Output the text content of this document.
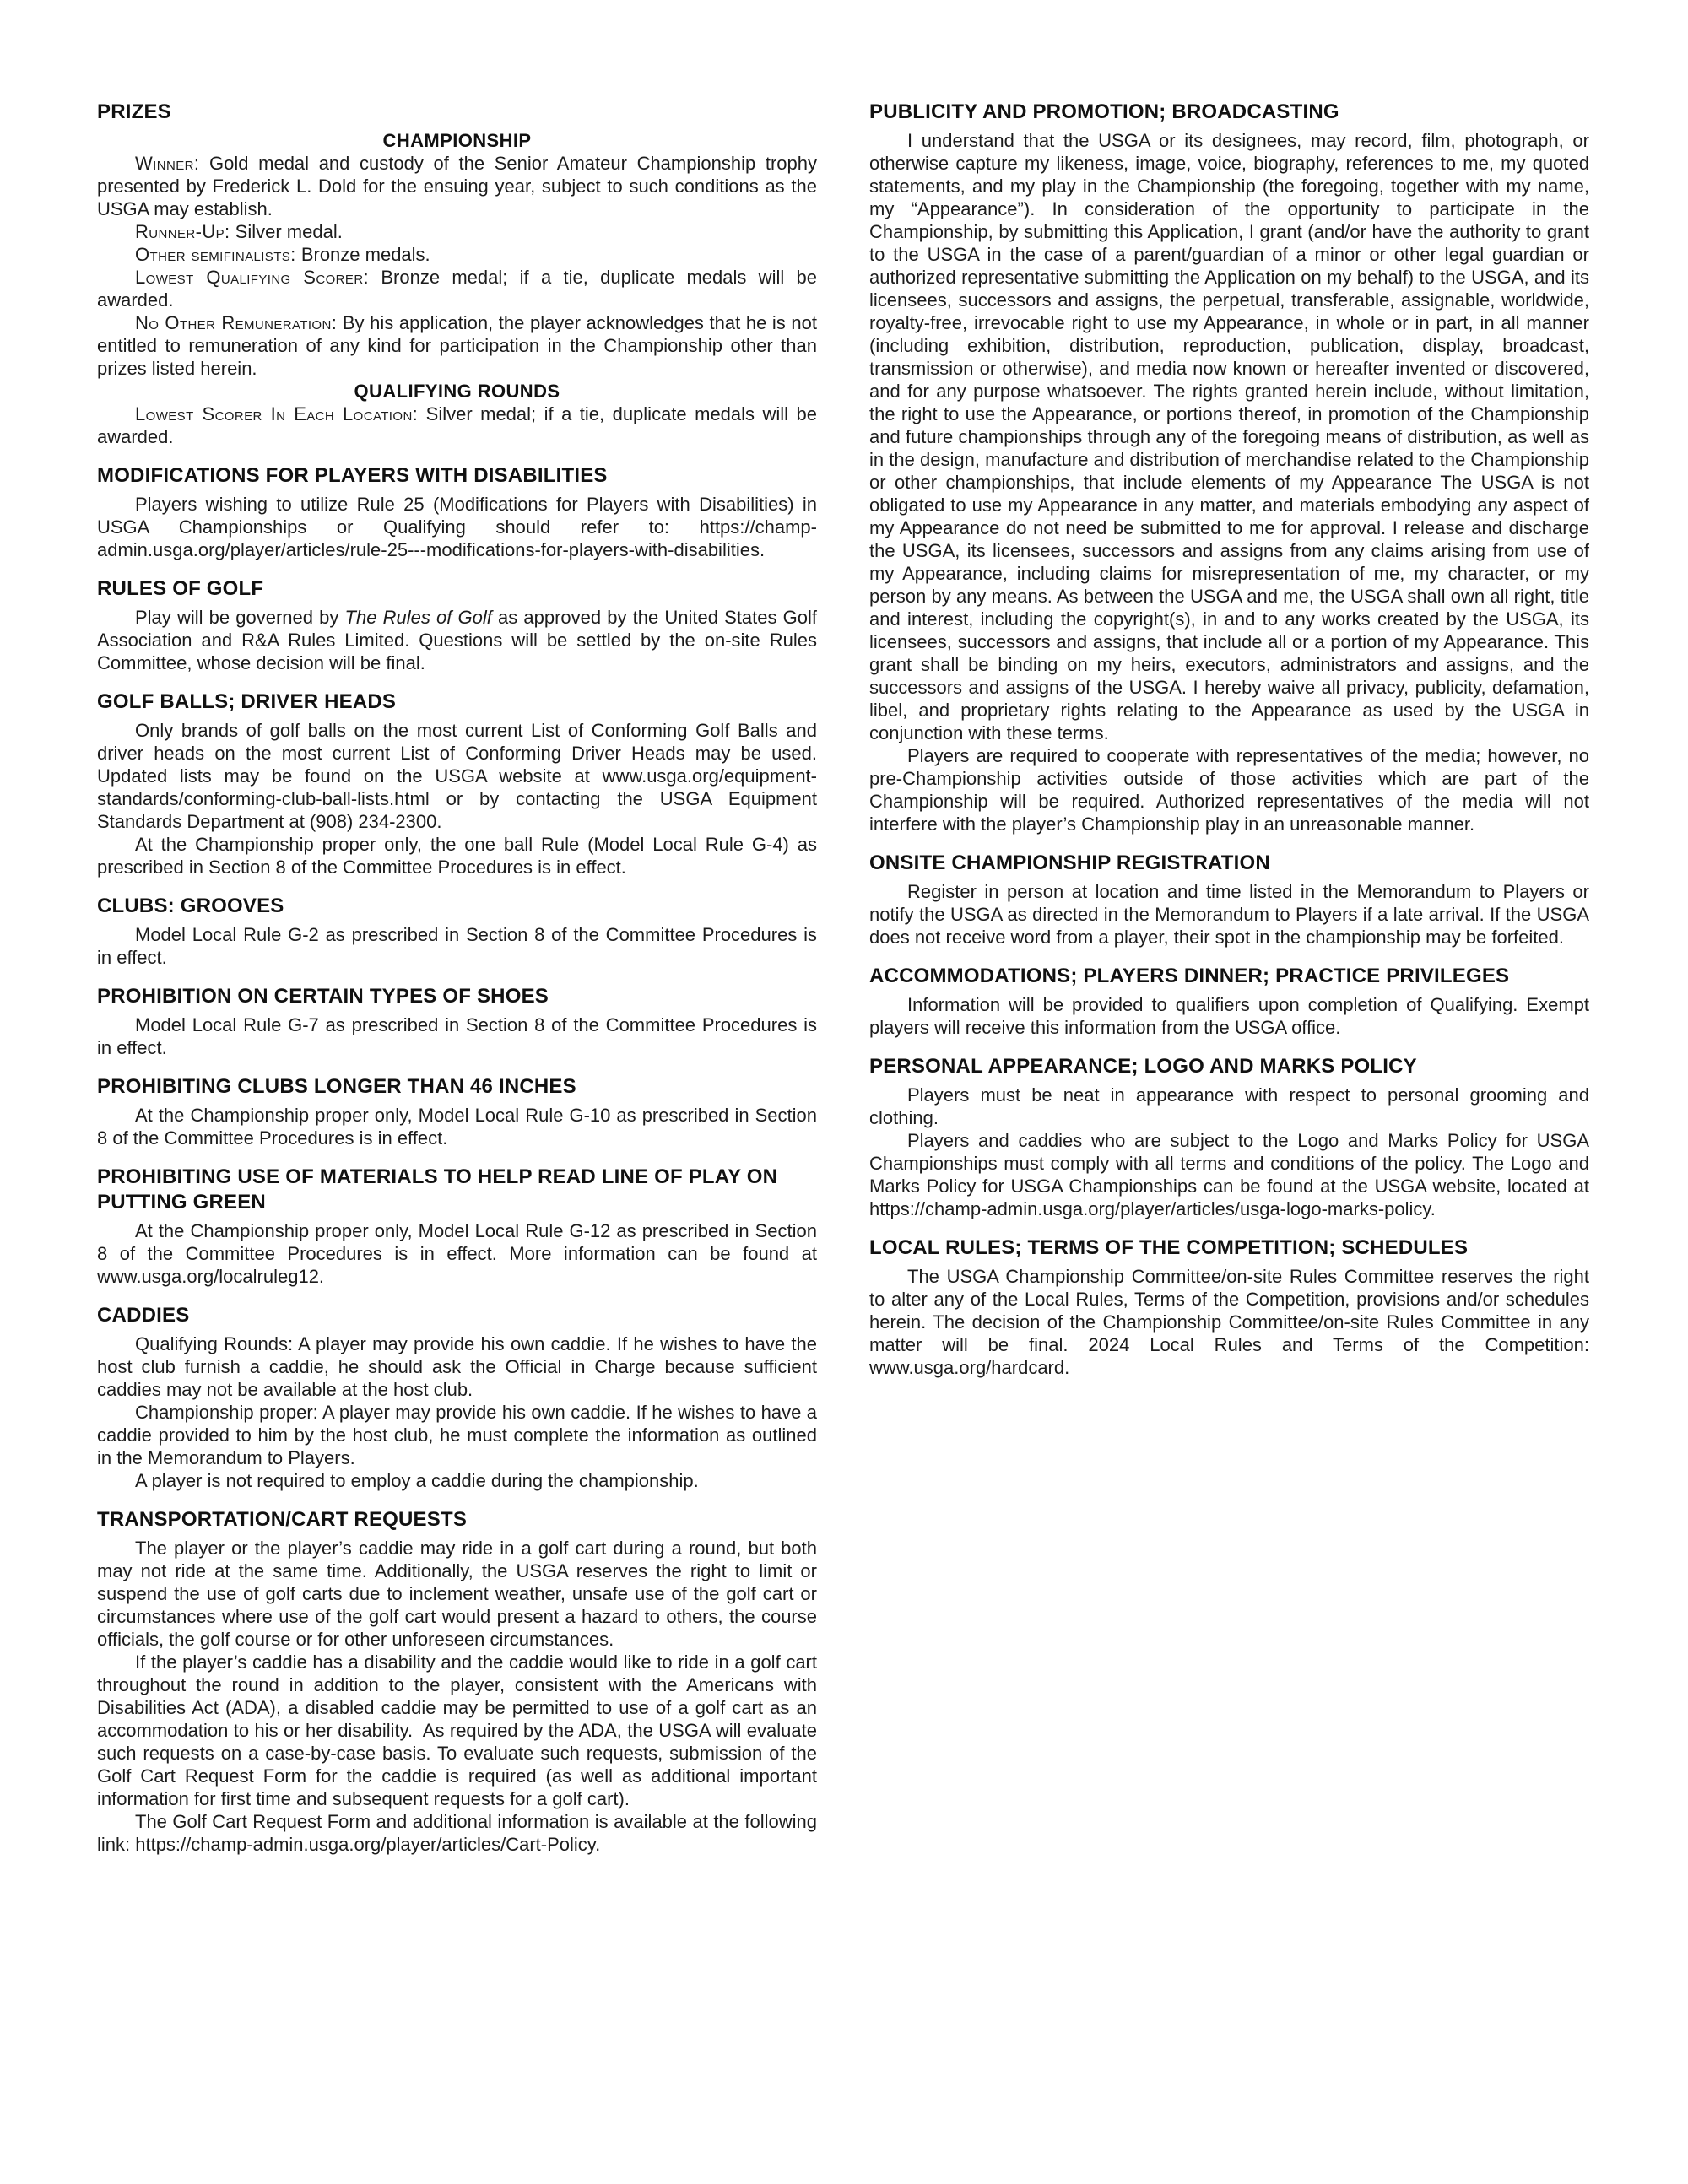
PRIZES
CHAMPIONSHIP

Winner: Gold medal and custody of the Senior Amateur Championship trophy presented by Frederick L. Dold for the ensuing year, subject to such conditions as the USGA may establish.

Runner-Up: Silver medal.

Other semifinalists: Bronze medals.

Lowest Qualifying Scorer: Bronze medal; if a tie, duplicate medals will be awarded.

No Other Remuneration: By his application, the player acknowledges that he is not entitled to remuneration of any kind for participation in the Championship other than prizes listed herein.

QUALIFYING ROUNDS

Lowest Scorer In Each Location: Silver medal; if a tie, duplicate medals will be awarded.

MODIFICATIONS FOR PLAYERS WITH DISABILITIES

Players wishing to utilize Rule 25 (Modifications for Players with Disabilities) in USGA Championships or Qualifying should refer to: https://champ-admin.usga.org/player/articles/rule-25---modifications-for-players-with-disabilities.

RULES OF GOLF

Play will be governed by The Rules of Golf as approved by the United States Golf Association and R&A Rules Limited. Questions will be settled by the on-site Rules Committee, whose decision will be final.

GOLF BALLS; DRIVER HEADS

Only brands of golf balls on the most current List of Conforming Golf Balls and driver heads on the most current List of Conforming Driver Heads may be used. Updated lists may be found on the USGA website at www.usga.org/equipment-standards/conforming-club-ball-lists.html or by contacting the USGA Equipment Standards Department at (908) 234-2300.

At the Championship proper only, the one ball Rule (Model Local Rule G-4) as prescribed in Section 8 of the Committee Procedures is in effect.

CLUBS: GROOVES

Model Local Rule G-2 as prescribed in Section 8 of the Committee Procedures is in effect.

PROHIBITION ON CERTAIN TYPES OF SHOES

Model Local Rule G-7 as prescribed in Section 8 of the Committee Procedures is in effect.

PROHIBITING CLUBS LONGER THAN 46 INCHES

At the Championship proper only, Model Local Rule G-10 as prescribed in Section 8 of the Committee Procedures is in effect.

PROHIBITING USE OF MATERIALS TO HELP READ LINE OF PLAY ON PUTTING GREEN

At the Championship proper only, Model Local Rule G-12 as prescribed in Section 8 of the Committee Procedures is in effect. More information can be found at www.usga.org/localruleg12.

CADDIES

Qualifying Rounds: A player may provide his own caddie. If he wishes to have the host club furnish a caddie, he should ask the Official in Charge because sufficient caddies may not be available at the host club.

Championship proper: A player may provide his own caddie. If he wishes to have a caddie provided to him by the host club, he must complete the information as outlined in the Memorandum to Players.

A player is not required to employ a caddie during the championship.

TRANSPORTATION/CART REQUESTS

The player or the player’s caddie may ride in a golf cart during a round, but both may not ride at the same time. Additionally, the USGA reserves the right to limit or suspend the use of golf carts due to inclement weather, unsafe use of the golf cart or circumstances where use of the golf cart would present a hazard to others, the course officials, the golf course or for other unforeseen circumstances.

If the player’s caddie has a disability and the caddie would like to ride in a golf cart throughout the round in addition to the player, consistent with the Americans with Disabilities Act (ADA), a disabled caddie may be permitted to use of a golf cart as an accommodation to his or her disability.  As required by the ADA, the USGA will evaluate such requests on a case-by-case basis. To evaluate such requests, submission of the Golf Cart Request Form for the caddie is required (as well as additional important information for first time and subsequent requests for a golf cart).

The Golf Cart Request Form and additional information is available at the following link: https://champ-admin.usga.org/player/articles/Cart-Policy.

PUBLICITY AND PROMOTION; BROADCASTING

I understand that the USGA or its designees, may record, film, photograph, or otherwise capture my likeness, image, voice, biography, references to me, my quoted statements, and my play in the Championship (the foregoing, together with my name, my “Appearance”). In consideration of the opportunity to participate in the Championship, by submitting this Application, I grant (and/or have the authority to grant to the USGA in the case of a parent/guardian of a minor or other legal guardian or authorized representative submitting the Application on my behalf) to the USGA, and its licensees, successors and assigns, the perpetual, transferable, assignable, worldwide, royalty-free, irrevocable right to use my Appearance, in whole or in part, in all manner (including exhibition, distribution, reproduction, publication, display, broadcast, transmission or otherwise), and media now known or hereafter invented or discovered, and for any purpose whatsoever. The rights granted herein include, without limitation, the right to use the Appearance, or portions thereof, in promotion of the Championship and future championships through any of the foregoing means of distribution, as well as in the design, manufacture and distribution of merchandise related to the Championship or other championships, that include elements of my Appearance The USGA is not obligated to use my Appearance in any matter, and materials embodying any aspect of my Appearance do not need be submitted to me for approval. I release and discharge the USGA, its licensees, successors and assigns from any claims arising from use of my Appearance, including claims for misrepresentation of me, my character, or my person by any means. As between the USGA and me, the USGA shall own all right, title and interest, including the copyright(s), in and to any works created by the USGA, its licensees, successors and assigns, that include all or a portion of my Appearance. This grant shall be binding on my heirs, executors, administrators and assigns, and the successors and assigns of the USGA. I hereby waive all privacy, publicity, defamation, libel, and proprietary rights relating to the Appearance as used by the USGA in conjunction with these terms.

Players are required to cooperate with representatives of the media; however, no pre-Championship activities outside of those activities which are part of the Championship will be required. Authorized representatives of the media will not interfere with the player’s Championship play in an unreasonable manner.

ONSITE CHAMPIONSHIP REGISTRATION

Register in person at location and time listed in the Memorandum to Players or notify the USGA as directed in the Memorandum to Players if a late arrival. If the USGA does not receive word from a player, their spot in the championship may be forfeited.

ACCOMMODATIONS; PLAYERS DINNER; PRACTICE PRIVILEGES

Information will be provided to qualifiers upon completion of Qualifying. Exempt players will receive this information from the USGA office.

PERSONAL APPEARANCE; LOGO AND MARKS POLICY

Players must be neat in appearance with respect to personal grooming and clothing.

Players and caddies who are subject to the Logo and Marks Policy for USGA Championships must comply with all terms and conditions of the policy. The Logo and Marks Policy for USGA Championships can be found at the USGA website, located at https://champ-admin.usga.org/player/articles/usga-logo-marks-policy.

LOCAL RULES; TERMS OF THE COMPETITION; SCHEDULES

The USGA Championship Committee/on-site Rules Committee reserves the right to alter any of the Local Rules, Terms of the Competition, provisions and/or schedules herein. The decision of the Championship Committee/on-site Rules Committee in any matter will be final. 2024 Local Rules and Terms of the Competition: www.usga.org/hardcard.
